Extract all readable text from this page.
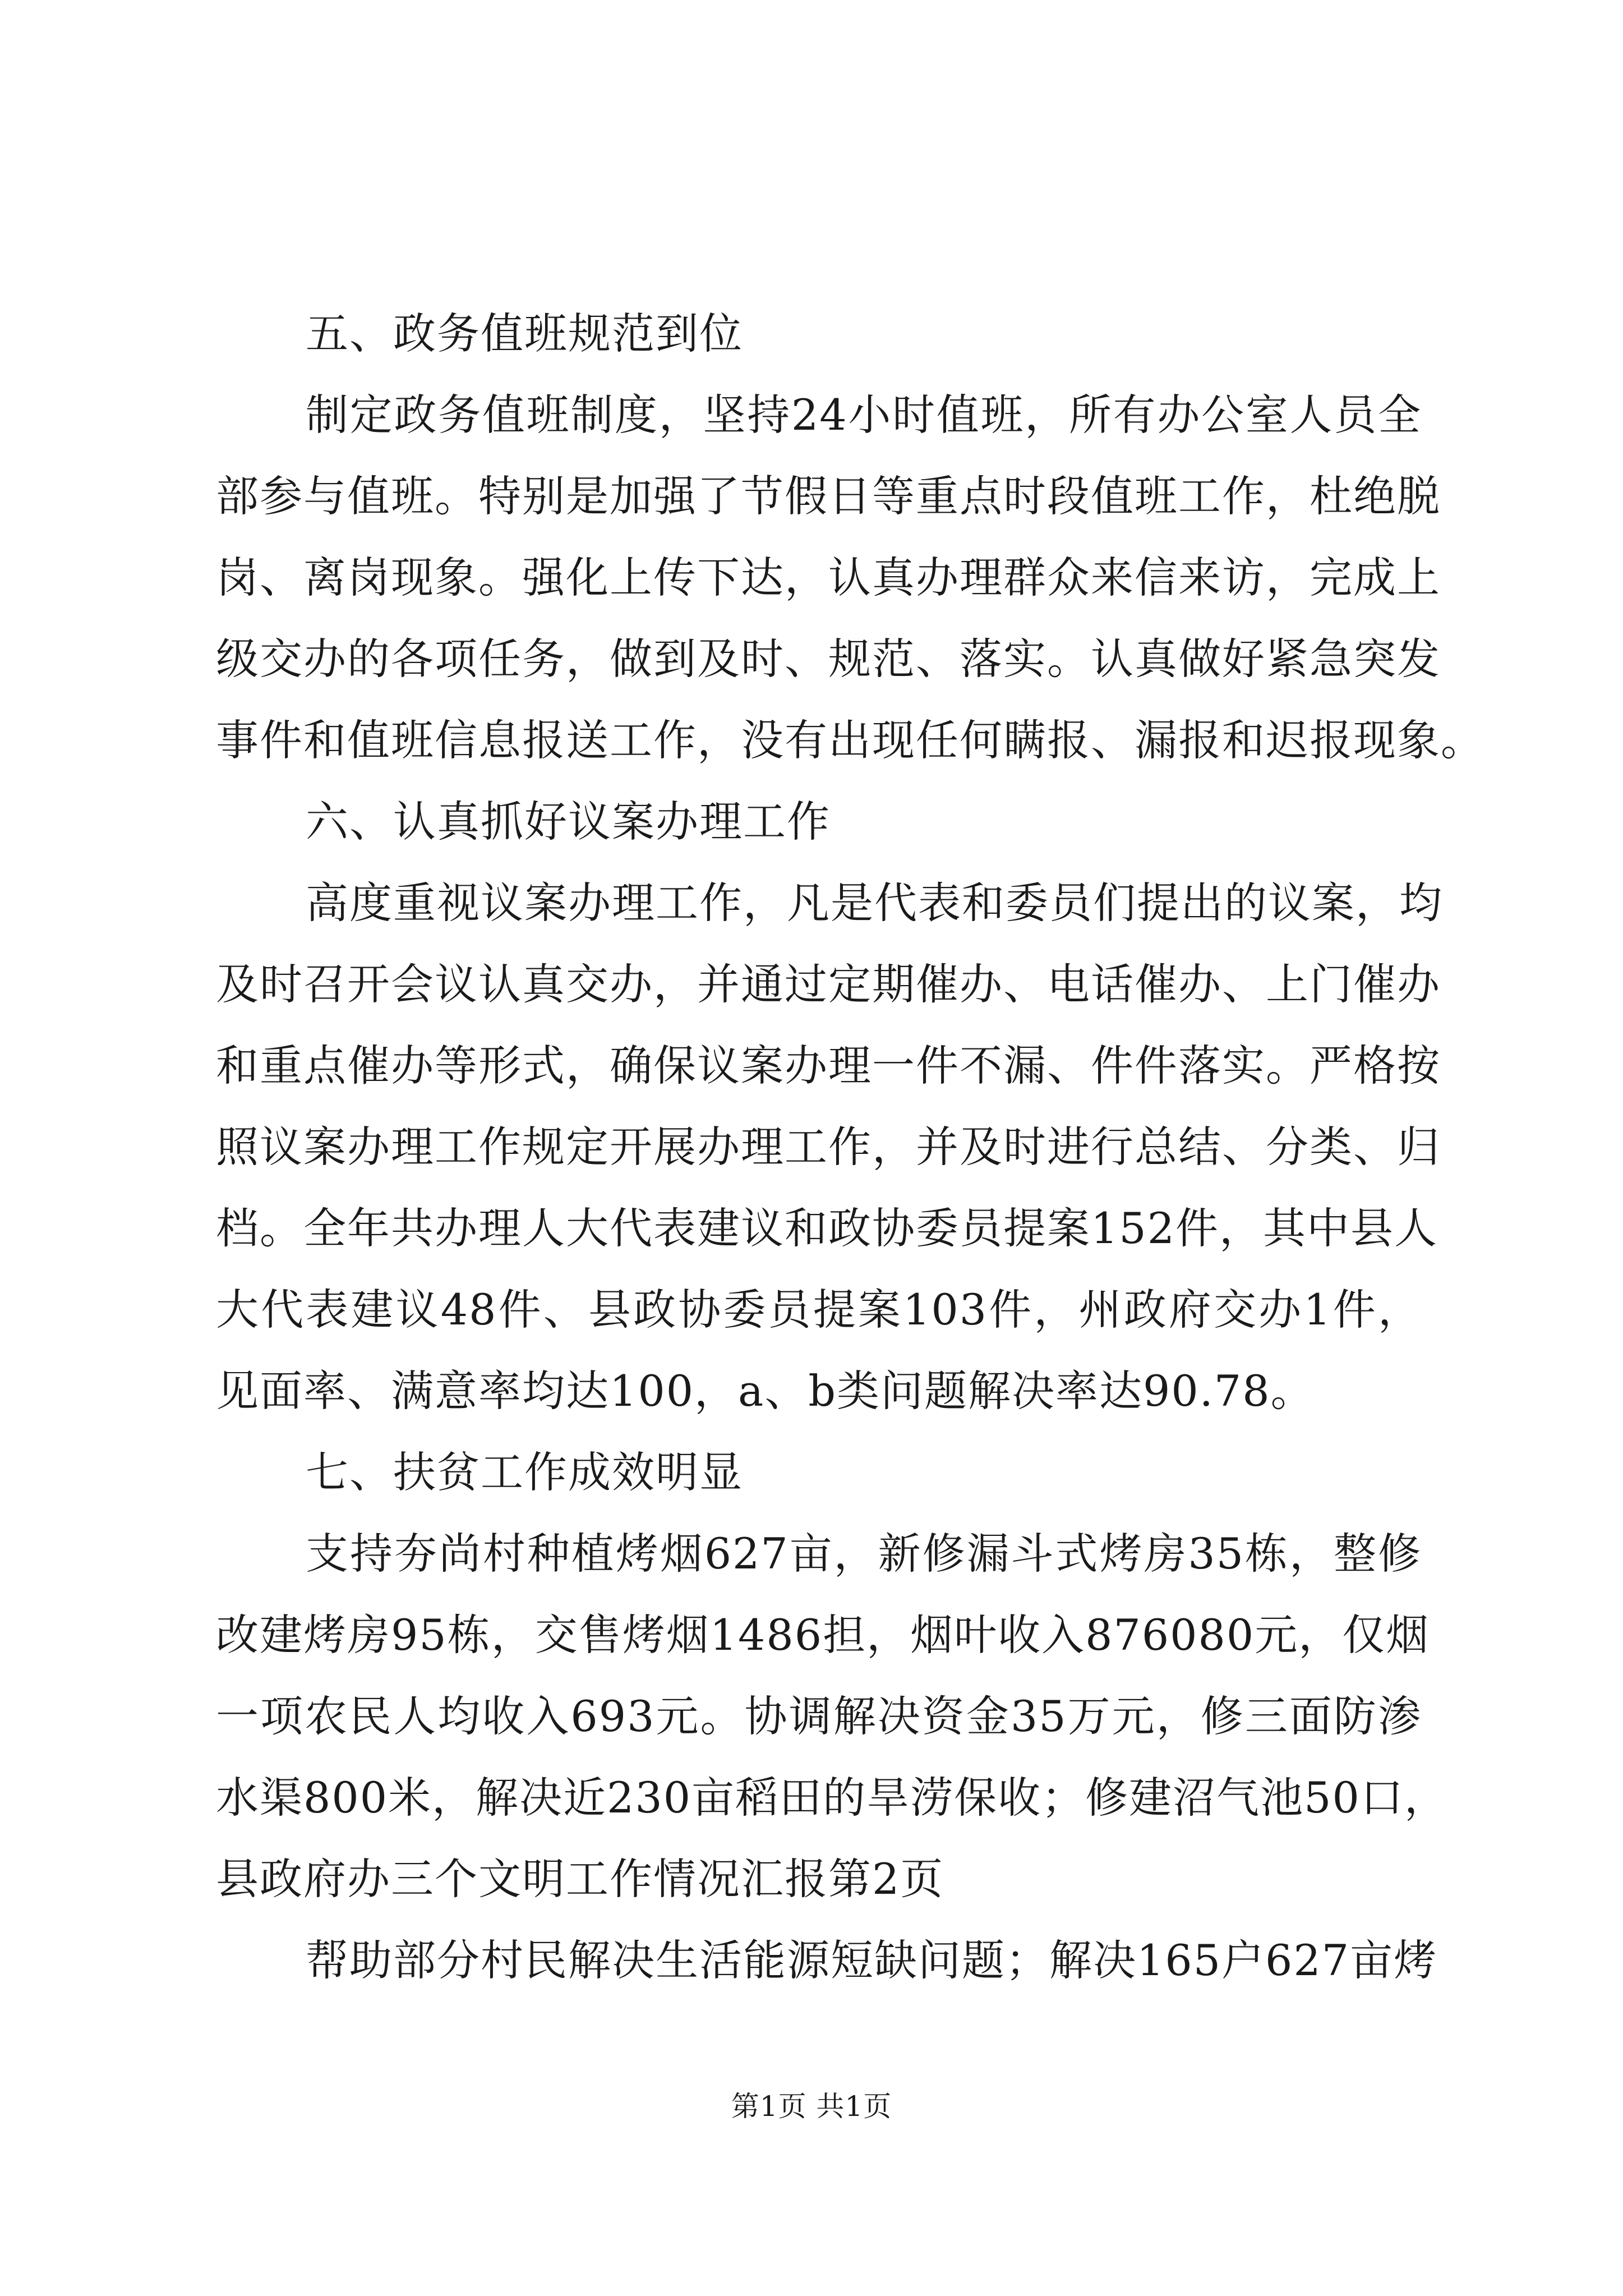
五、政务值班规范到位
制定政务值班制度，坚持24小时值班，所有办公室人员全
部参与值班。特别是加强了节假日等重点时段值班工作，杜绝脱
岗、离岗现象。强化上传下达，认真办理群众来信来访，完成上
级交办的各项任务，做到及时、规范、落实。认真做好紧急突发
事件和值班信息报送工作，没有出现任何瞒报、漏报和迟报现象。
六、认真抓好议案办理工作
高度重视议案办理工作，凡是代表和委员们提出的议案，均
及时召开会议认真交办，并通过定期催办、电话催办、上门催办
和重点催办等形式，确保议案办理一件不漏、件件落实。严格按
照议案办理工作规定开展办理工作，并及时进行总结、分类、归
档。全年共办理人大代表建议和政协委员提案152件，其中县人
大代表建议48件、县政协委员提案103件，州政府交办1件，
见面率、满意率均达100，a、b类问题解决率达90.78。
七、扶贫工作成效明显
支持夯尚村种植烤烟627亩，新修漏斗式烤房35栋，整修
改建烤房95栋，交售烤烟1486担，烟叶收入876080元，仅烟
一项农民人均收入693元。协调解决资金35万元，修三面防渗
水渠800米，解决近230亩稻田的旱涝保收；修建沼气池50口，
县政府办三个文明工作情况汇报第2页
帮助部分村民解决生活能源短缺问题；解决165户627亩烤
第1页 共1页
